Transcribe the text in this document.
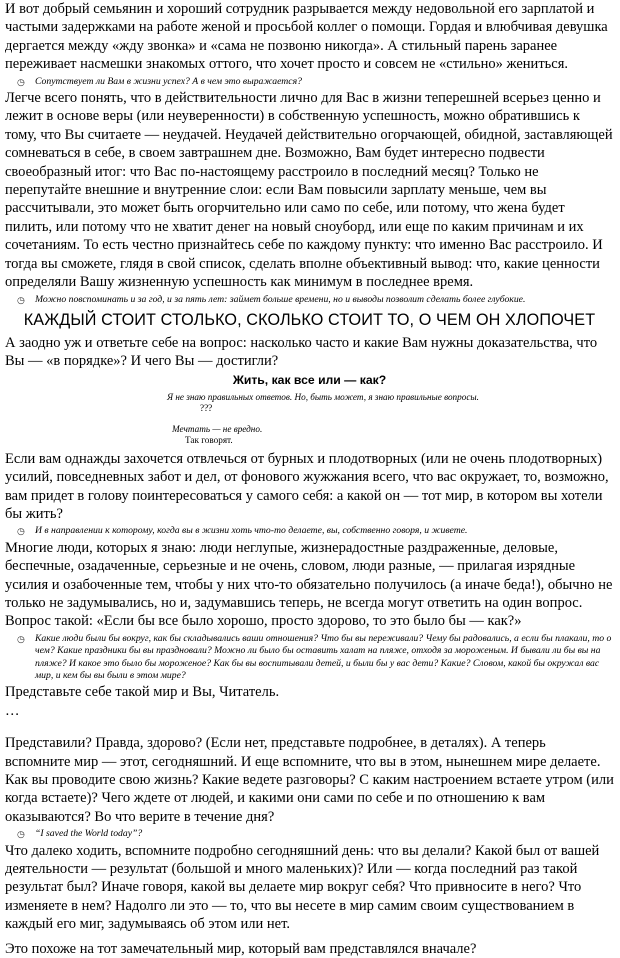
И вот добрый семьянин и хороший сотрудник разрывается между недовольной его зарплатой и частыми задержками на работе женой и просьбой коллег о помощи. Гордая и влюбчивая девушка дергается между «жду звонка» и «сама не позвоню никогда». А стильный парень заранее переживает насмешки знакомых оттого, что хочет просто и совсем не «стильно» жениться.

◷	Сопутствует ли Вам в жизни успех? А в чем это выражается?

Легче всего понять, что в действительности лично для Вас в жизни теперешней всерьез ценно и лежит в основе веры (или неуверенности) в собственную успешность, можно обратившись к тому, что Вы считаете — неудачей. Неудачей действительно огорчающей, обидной, заставляющей сомневаться в себе, в своем завтрашнем дне. Возможно, Вам будет интересно подвести своеобразный итог: что Вас по-настоящему расстроило в последний месяц? Только не перепутайте внешние и внутренние слои: если Вам повысили зарплату меньше, чем вы рассчитывали, это может быть огорчительно или само по себе, или потому, что жена будет пилить, или потому что не хватит денег на новый сноуборд, или еще по каким причинам и их сочетаниям. То есть честно признайтесь себе по каждому пункту: что именно Вас расстроило. И тогда вы сможете, глядя в свой список, сделать вполне объективный вывод: что, какие ценности определяли Вашу жизненную успешность как минимум в последнее время.

◷	Можно повспоминать и за год, и за пять лет: займет больше времени, но и выводы позволит сделать более глубокие.
КАЖДЫЙ СТОИТ СТОЛЬКО, СКОЛЬКО СТОИТ ТО, О ЧЕМ ОН ХЛОПОЧЕТ

А заодно уж и ответьте себе на вопрос: насколько часто и какие Вам нужны доказательства, что Вы — «в порядке»? И чего Вы — достигли?

Жить, как все или — как?
Я не знаю правильных ответов. Но, быть может, я знаю правильные вопросы.
???
Мечтать — не вредно.
Так говорят.

Если вам однажды захочется отвлечься от бурных и плодотворных (или не очень плодотворных) усилий, повседневных забот и дел, от фонового жужжания всего, что вас окружает, то, возможно, вам придет в голову поинтересоваться у самого себя: а какой он — тот мир, в котором вы хотели бы жить?

◷	И в направлении к которому, когда вы в жизни хоть что-то делаете, вы, собственно говоря, и живете.

Многие люди, которых я знаю: люди неглупые, жизнерадостные раздраженные, деловые, беспечные, озадаченные, серьезные и не очень, словом, люди разные, — прилагая изрядные усилия и озабоченные тем, чтобы у них что-то обязательно получилось (а иначе беда!), обычно не только не задумывались, но и, задумавшись теперь, не всегда могут ответить на один вопрос. Вопрос такой: «Если бы все было хорошо, просто здорово, то это было бы — как?»

◷	Какие люди были бы вокруг, как бы складывались ваши отношения? Что бы вы переживали? Чему бы радовались, а если бы плакали, то о чем? Какие праздники бы вы праздновали? Можно ли было бы оставить халат на пляже, отходя за мороженым. И бывали ли бы вы на пляже? И какое это было бы мороженое? Как бы вы воспитывали детей, и были бы у вас дети? Какие? Словом, какой бы окружал вас мир, и кем бы вы были в этом мире?

Представьте себе такой мир и Вы, Читатель.

…

Представили? Правда, здорово? (Если нет, представьте подробнее, в деталях). А теперь вспомните мир — этот, сегодняшний. И еще вспомните, что вы в этом, нынешнем мире делаете. Как вы проводите свою жизнь? Какие ведете разговоры? С каким настроением встаете утром (или когда встаете)? Чего ждете от людей, и какими они сами по себе и по отношению к вам оказываются? Во что верите в течение дня?

◷	“I saved the World today”?

Что далеко ходить, вспомните подробно сегодняшний день: что вы делали? Какой был от вашей деятельности — результат (большой и много маленьких)? Или — когда последний раз такой результат был? Иначе говоря, какой вы делаете мир вокруг себя? Что привносите в него? Что изменяете в нем? Надолго ли это — то, что вы несете в мир самим своим существованием в каждый его миг, задумываясь об этом или нет.

Это похоже на тот замечательный мир, который вам представлялся вначале?
